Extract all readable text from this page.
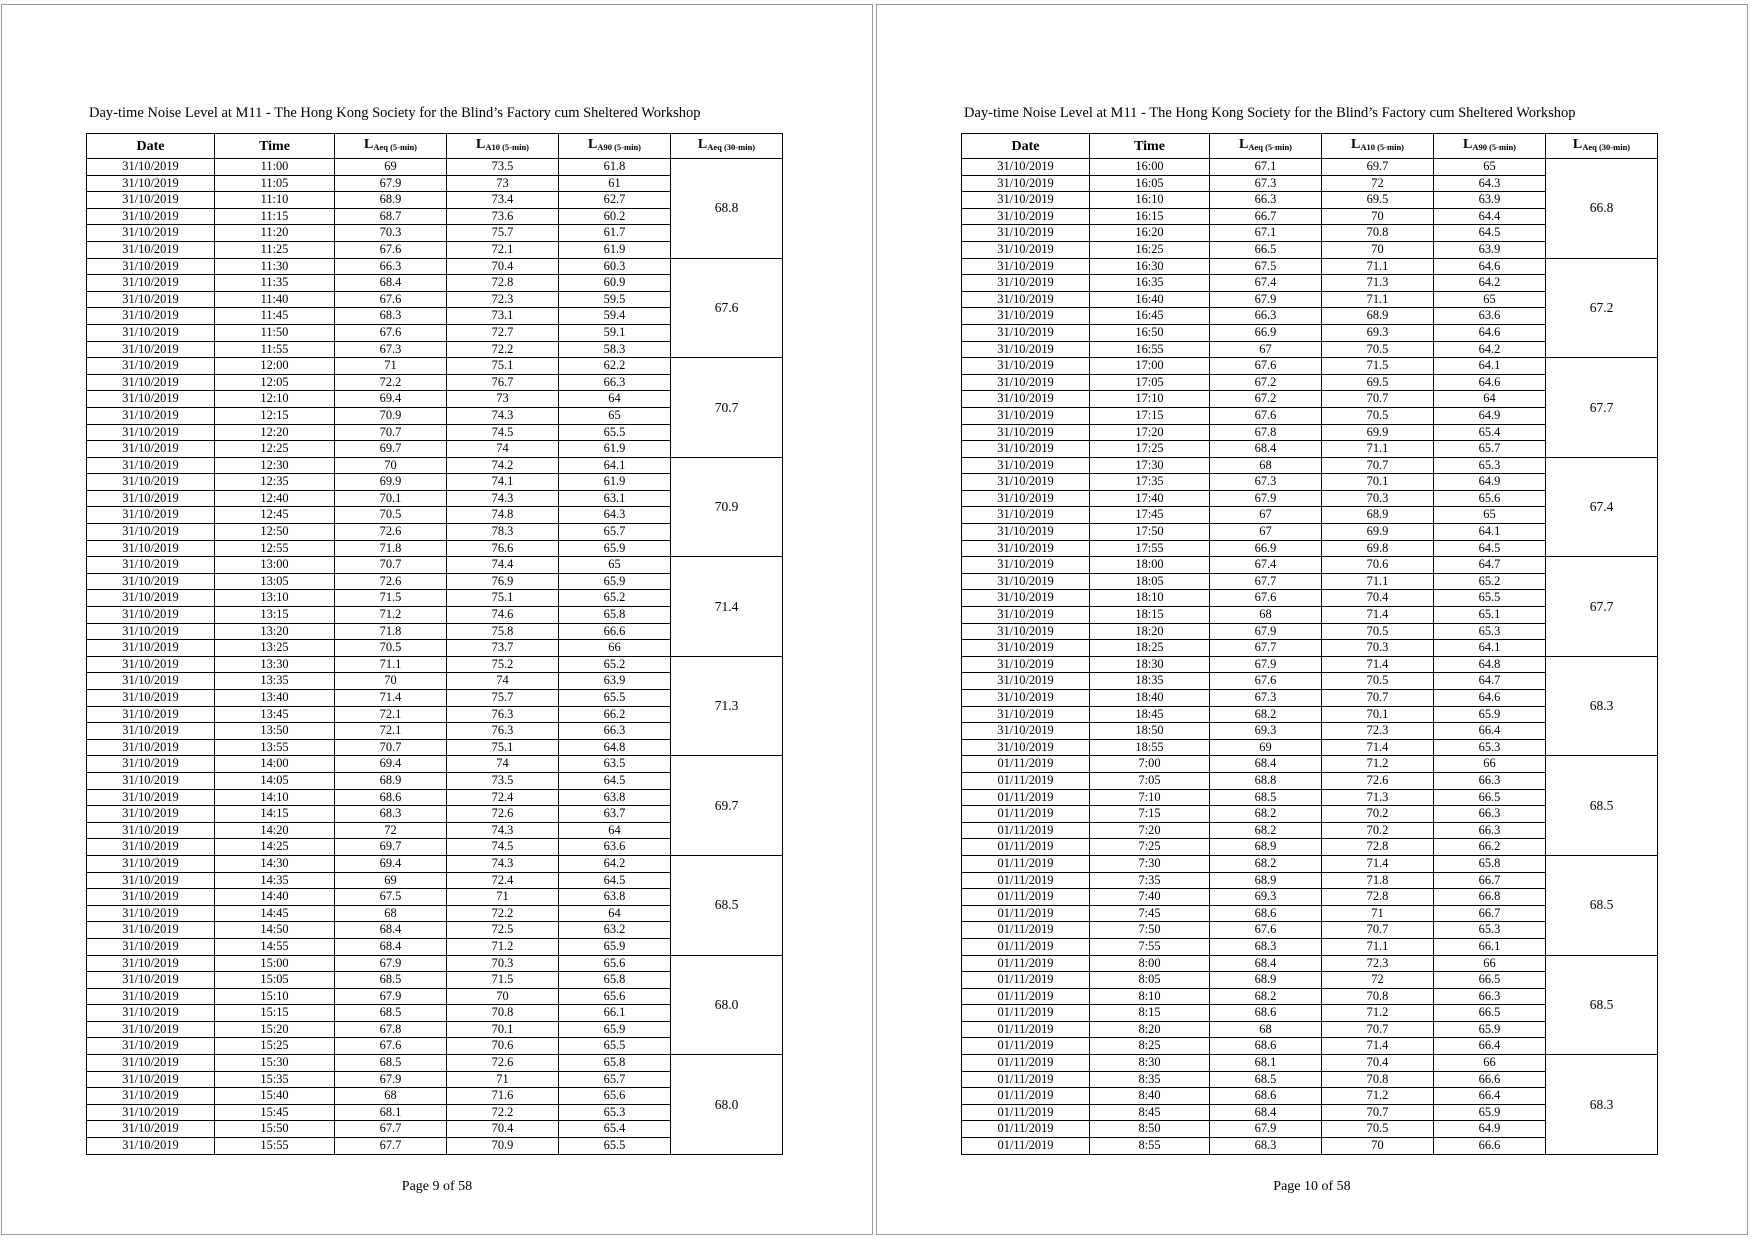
Day-time Noise Level at M11 - The Hong Kong Society for the Blind’s Factory cum Sheltered Workshop
Date	Time	$L_{Aeq (5-min)}$	$L_{A10 (5-min)}$	$L_{A90 (5-min)}$	$L_{Aeq (30-min)}$
31/10/2019	11:00	69	73.5	61.8	68.8
31/10/2019	11:05	67.9	73	61	
31/10/2019	11:10	68.9	73.4	62.7	
31/10/2019	11:15	68.7	73.6	60.2	
31/10/2019	11:20	70.3	75.7	61.7	
31/10/2019	11:25	67.6	72.1	61.9	
31/10/2019	11:30	66.3	70.4	60.3	67.6
31/10/2019	11:35	68.4	72.8	60.9	
31/10/2019	11:40	67.6	72.3	59.5	
31/10/2019	11:45	68.3	73.1	59.4	
31/10/2019	11:50	67.6	72.7	59.1	
31/10/2019	11:55	67.3	72.2	58.3	
31/10/2019	12:00	71	75.1	62.2	70.7
31/10/2019	12:05	72.2	76.7	66.3	
31/10/2019	12:10	69.4	73	64	
31/10/2019	12:15	70.9	74.3	65	
31/10/2019	12:20	70.7	74.5	65.5	
31/10/2019	12:25	69.7	74	61.9	
31/10/2019	12:30	70	74.2	64.1	70.9
31/10/2019	12:35	69.9	74.1	61.9	
31/10/2019	12:40	70.1	74.3	63.1	
31/10/2019	12:45	70.5	74.8	64.3	
31/10/2019	12:50	72.6	78.3	65.7	
31/10/2019	12:55	71.8	76.6	65.9	
31/10/2019	13:00	70.7	74.4	65	71.4
31/10/2019	13:05	72.6	76.9	65.9	
31/10/2019	13:10	71.5	75.1	65.2	
31/10/2019	13:15	71.2	74.6	65.8	
31/10/2019	13:20	71.8	75.8	66.6	
31/10/2019	13:25	70.5	73.7	66	
31/10/2019	13:30	71.1	75.2	65.2	71.3
31/10/2019	13:35	70	74	63.9	
31/10/2019	13:40	71.4	75.7	65.5	
31/10/2019	13:45	72.1	76.3	66.2	
31/10/2019	13:50	72.1	76.3	66.3	
31/10/2019	13:55	70.7	75.1	64.8	
31/10/2019	14:00	69.4	74	63.5	69.7
31/10/2019	14:05	68.9	73.5	64.5	
31/10/2019	14:10	68.6	72.4	63.8	
31/10/2019	14:15	68.3	72.6	63.7	
31/10/2019	14:20	72	74.3	64	
31/10/2019	14:25	69.7	74.5	63.6	
31/10/2019	14:30	69.4	74.3	64.2	68.5
31/10/2019	14:35	69	72.4	64.5	
31/10/2019	14:40	67.5	71	63.8	
31/10/2019	14:45	68	72.2	64	
31/10/2019	14:50	68.4	72.5	63.2	
31/10/2019	14:55	68.4	71.2	65.9	
31/10/2019	15:00	67.9	70.3	65.6	68.0
31/10/2019	15:05	68.5	71.5	65.8	
31/10/2019	15:10	67.9	70	65.6	
31/10/2019	15:15	68.5	70.8	66.1	
31/10/2019	15:20	67.8	70.1	65.9	
31/10/2019	15:25	67.6	70.6	65.5	
31/10/2019	15:30	68.5	72.6	65.8	68.0
31/10/2019	15:35	67.9	71	65.7	
31/10/2019	15:40	68	71.6	65.6	
31/10/2019	15:45	68.1	72.2	65.3	
31/10/2019	15:50	67.7	70.4	65.4	
31/10/2019	15:55	67.7	70.9	65.5	
Page 9 of 58
Day-time Noise Level at M11 - The Hong Kong Society for the Blind’s Factory cum Sheltered Workshop
Date	Time	$L_{Aeq (5-min)}$	$L_{A10 (5-min)}$	$L_{A90 (5-min)}$	$L_{Aeq (30-min)}$
31/10/2019	16:00	67.1	69.7	65	66.8
31/10/2019	16:05	67.3	72	64.3	
31/10/2019	16:10	66.3	69.5	63.9	
31/10/2019	16:15	66.7	70	64.4	
31/10/2019	16:20	67.1	70.8	64.5	
31/10/2019	16:25	66.5	70	63.9	
31/10/2019	16:30	67.5	71.1	64.6	67.2
31/10/2019	16:35	67.4	71.3	64.2	
31/10/2019	16:40	67.9	71.1	65	
31/10/2019	16:45	66.3	68.9	63.6	
31/10/2019	16:50	66.9	69.3	64.6	
31/10/2019	16:55	67	70.5	64.2	
31/10/2019	17:00	67.6	71.5	64.1	67.7
31/10/2019	17:05	67.2	69.5	64.6	
31/10/2019	17:10	67.2	70.7	64	
31/10/2019	17:15	67.6	70.5	64.9	
31/10/2019	17:20	67.8	69.9	65.4	
31/10/2019	17:25	68.4	71.1	65.7	
31/10/2019	17:30	68	70.7	65.3	67.4
31/10/2019	17:35	67.3	70.1	64.9	
31/10/2019	17:40	67.9	70.3	65.6	
31/10/2019	17:45	67	68.9	65	
31/10/2019	17:50	67	69.9	64.1	
31/10/2019	17:55	66.9	69.8	64.5	
31/10/2019	18:00	67.4	70.6	64.7	67.7
31/10/2019	18:05	67.7	71.1	65.2	
31/10/2019	18:10	67.6	70.4	65.5	
31/10/2019	18:15	68	71.4	65.1	
31/10/2019	18:20	67.9	70.5	65.3	
31/10/2019	18:25	67.7	70.3	64.1	
31/10/2019	18:30	67.9	71.4	64.8	68.3
31/10/2019	18:35	67.6	70.5	64.7	
31/10/2019	18:40	67.3	70.7	64.6	
31/10/2019	18:45	68.2	70.1	65.9	
31/10/2019	18:50	69.3	72.3	66.4	
31/10/2019	18:55	69	71.4	65.3	
01/11/2019	7:00	68.4	71.2	66	68.5
01/11/2019	7:05	68.8	72.6	66.3	
01/11/2019	7:10	68.5	71.3	66.5	
01/11/2019	7:15	68.2	70.2	66.3	
01/11/2019	7:20	68.2	70.2	66.3	
01/11/2019	7:25	68.9	72.8	66.2	
01/11/2019	7:30	68.2	71.4	65.8	68.5
01/11/2019	7:35	68.9	71.8	66.7	
01/11/2019	7:40	69.3	72.8	66.8	
01/11/2019	7:45	68.6	71	66.7	
01/11/2019	7:50	67.6	70.7	65.3	
01/11/2019	7:55	68.3	71.1	66.1	
01/11/2019	8:00	68.4	72.3	66	68.5
01/11/2019	8:05	68.9	72	66.5	
01/11/2019	8:10	68.2	70.8	66.3	
01/11/2019	8:15	68.6	71.2	66.5	
01/11/2019	8:20	68	70.7	65.9	
01/11/2019	8:25	68.6	71.4	66.4	
01/11/2019	8:30	68.1	70.4	66	68.3
01/11/2019	8:35	68.5	70.8	66.6	
01/11/2019	8:40	68.6	71.2	66.4	
01/11/2019	8:45	68.4	70.7	65.9	
01/11/2019	8:50	67.9	70.5	64.9	
01/11/2019	8:55	68.3	70	66.6	
Page 10 of 58
